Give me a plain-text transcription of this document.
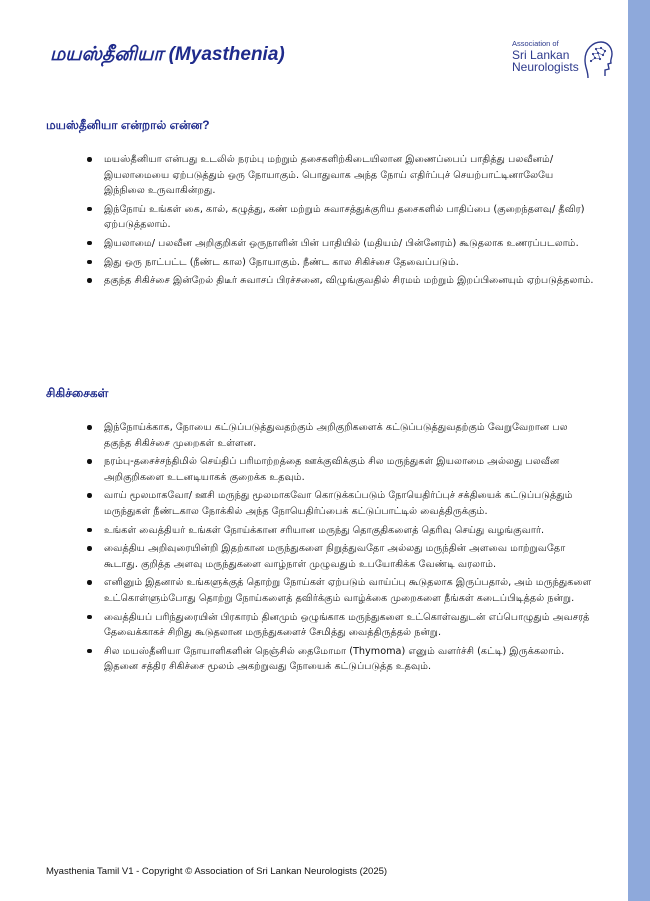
மயஸ்தீனியா (Myasthenia)
Association of
Sri Lankan
Neurologists
மயஸ்தீனியா என்றால் என்ன?
மயஸ்தீனியா என்பது உடலில் நரம்பு மற்றும் தசைகளிற்கிடையிலான இணைப்பைப் பாதித்து பலவீனம்/ இயலாமையை ஏற்படுத்தும் ஒரு நோயாகும். பொதுவாக அந்த நோய் எதிர்ப்புச் செயற்பாட்டினாலேயே இந்நிலை உருவாகின்றது.
இந்நோய் உங்கள் கை, கால், கழுத்து, கண் மற்றும் சுவாசத்துக்குரிய தசைகளில் பாதிப்பை (குறைந்தளவு/ தீவிர) ஏற்படுத்தலாம்.
இயலாமை/ பலவீன அறிகுறிகள் ஒருநாளின் பின் பாதியில் (மதியம்/ பின்னேரம்) கூடுதலாக உணரப்படலாம்.
இது ஒரு நாட்பட்ட (நீண்ட கால) நோயாகும். நீண்ட கால சிகிச்சை தேவைப்படும்.
தகுந்த சிகிச்சை இன்றேல் திடீர் சுவாசப் பிரச்சனை, விழுங்குவதில் சிரமம் மற்றும் இறப்பினையும் ஏற்படுத்தலாம்.
சிகிச்சைகள்
இந்நோய்க்காக, நோயை கட்டுப்படுத்துவதற்கும் அறிகுறிகளைக் கட்டுப்படுத்துவதற்கும் வேறுவேறான பல தகுந்த சிகிச்சை முறைகள் உள்ளன.
நரம்பு-தசைச்சந்திமில் செய்திப் பரிமாற்றத்தை ஊக்குவிக்கும் சில மருந்துகள் இயலாமை அல்லது பலவீன அறிகுறிகளை உடனடியாகக் குறைக்க உதவும்.
வாய் மூலமாகவோ/ ஊசி மருந்து மூலமாகவோ கொடுக்கப்படும் நோயெதிர்ப்புச் சக்தியைக் கட்டுப்படுத்தும் மருந்துகள் நீண்டகால நோக்கில் அந்த நோயெதிர்ப்பைக் கட்டுப்பாட்டில் வைத்திருக்கும்.
உங்கள் வைத்தியர் உங்கள் நோய்க்கான சரியான மருந்து தொகுதிகளைத் தெரிவு செய்து வழங்குவார்.
வைத்திய அறிவுரையின்றி இதற்கான மருந்துகளை நிறுத்துவதோ அல்லது மருந்தின் அளவை மாற்றுவதோ கூடாது. குறித்த அளவு மருந்துகளை வாழ்நாள் முழுவதும் உபயோகிக்க வேண்டி வரலாம்.
எனினும் இதனால் உங்களுக்குத் தொற்று நோய்கள் ஏற்படும் வாய்ப்பு கூடுதலாக இருப்பதால், அம் மருந்துகளை உட்கொள்ளும்போது தொற்று நோய்களைத் தவிர்க்கும் வாழ்க்கை முறைகளை நீங்கள் கடைப்பிடித்தல் நன்று.
வைத்தியப் பரிந்துரையின் பிரகாரம் தினமும் ஒழுங்காக மருந்துகளை உட்கொள்வதுடன் எப்பொழுதும் அவசரத் தேவைக்காகச் சிறிது கூடுதலான மருந்துகளைச் சேமித்து வைத்திருத்தல் நன்று.
சில மயஸ்தீனியா நோயாளிகளின் நெஞ்சில் தைமோமா (Thymoma) எனும் வளர்ச்சி (கட்டி) இருக்கலாம். இதனை சத்திர சிகிச்சை மூலம் அகற்றுவது நோயைக் கட்டுப்படுத்த உதவும்.
Myasthenia Tamil V1 - Copyright © Association of Sri Lankan Neurologists (2025)
